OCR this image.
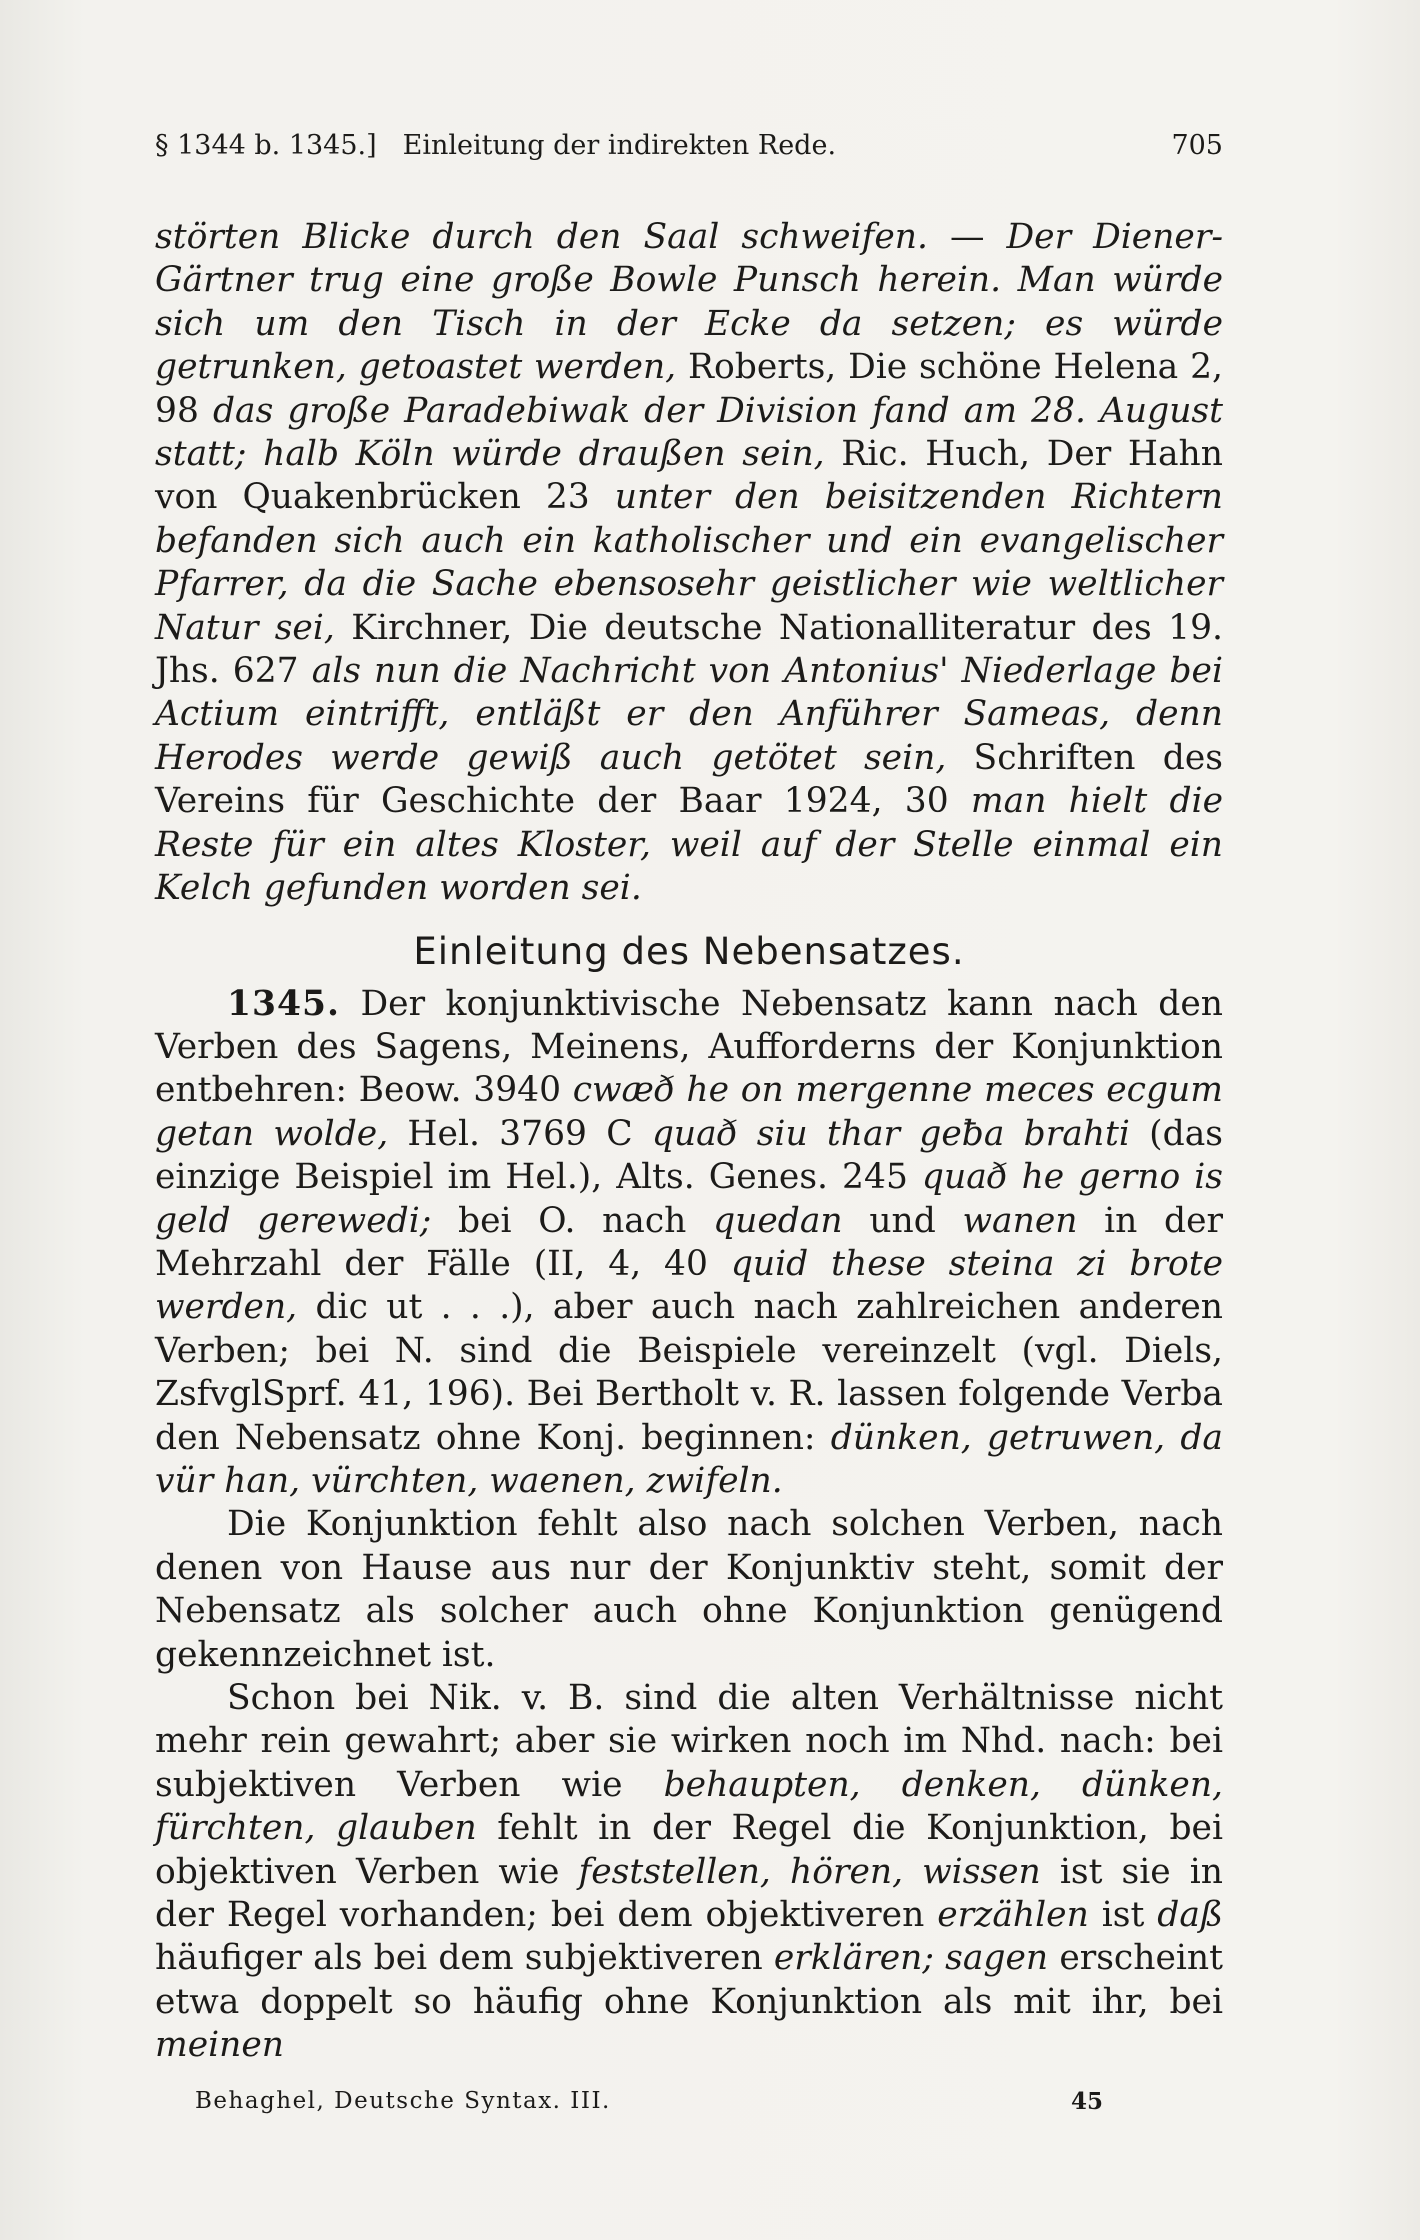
§ 1344 b. 1345.] Einleitung der indirekten Rede.	705

störten Blicke durch den Saal schweifen. — Der Diener-Gärtner trug eine große Bowle Punsch herein. Man würde sich um den Tisch in der Ecke da setzen; es würde getrunken, getoastet werden, Roberts, Die schöne Helena 2, 98 das große Paradebiwak der Division fand am 28. August statt; halb Köln würde draußen sein, Ric. Huch, Der Hahn von Quakenbrücken 23 unter den beisitzenden Richtern befanden sich auch ein katholischer und ein evangelischer Pfarrer, da die Sache ebensosehr geistlicher wie weltlicher Natur sei, Kirchner, Die deutsche Nationalliteratur des 19. Jhs. 627 als nun die Nachricht von Antonius' Niederlage bei Actium eintrifft, entläßt er den Anführer Sameas, denn Herodes werde gewiß auch getötet sein, Schriften des Vereins für Geschichte der Baar 1924, 30 man hielt die Reste für ein altes Kloster, weil auf der Stelle einmal ein Kelch gefunden worden sei.

Einleitung des Nebensatzes.

1345. Der konjunktivische Nebensatz kann nach den Verben des Sagens, Meinens, Aufforderns der Konjunktion entbehren: Beow. 3940 cwæð he on mergenne meces ecgum getan wolde, Hel. 3769 C quað siu thar geƀa brahti (das einzige Beispiel im Hel.), Alts. Genes. 245 quað he gerno is geld gerewedi; bei O. nach quedan und wanen in der Mehrzahl der Fälle (II, 4, 40 quid these steina zi brote werden, dic ut . . .), aber auch nach zahlreichen anderen Verben; bei N. sind die Beispiele vereinzelt (vgl. Diels, ZsfvglSprf. 41, 196). Bei Bertholt v. R. lassen folgende Verba den Nebensatz ohne Konj. beginnen: dünken, getruwen, da vür han, vürchten, waenen, zwifeln.

Die Konjunktion fehlt also nach solchen Verben, nach denen von Hause aus nur der Konjunktiv steht, somit der Nebensatz als solcher auch ohne Konjunktion genügend gekennzeichnet ist.

Schon bei Nik. v. B. sind die alten Verhältnisse nicht mehr rein gewahrt; aber sie wirken noch im Nhd. nach: bei subjektiven Verben wie behaupten, denken, dünken, fürchten, glauben fehlt in der Regel die Konjunktion, bei objektiven Verben wie feststellen, hören, wissen ist sie in der Regel vorhanden; bei dem objektiveren erzählen ist daß häufiger als bei dem subjektiveren erklären; sagen erscheint etwa doppelt so häufig ohne Konjunktion als mit ihr, bei meinen

Behaghel, Deutsche Syntax. III.	45
